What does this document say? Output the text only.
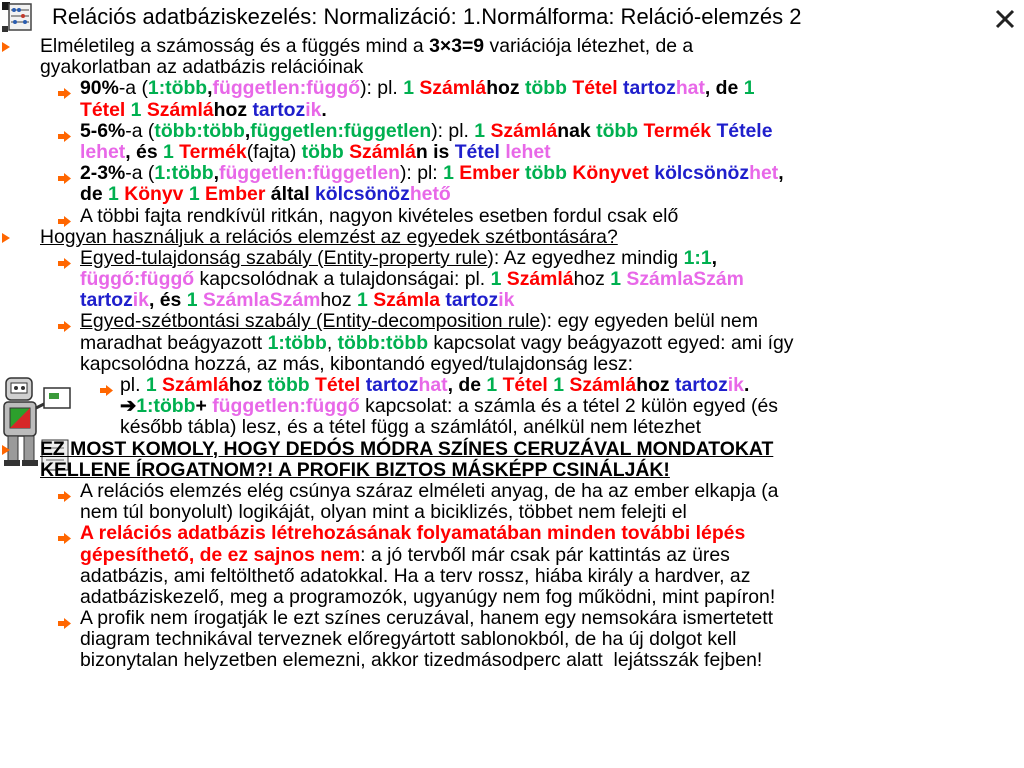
Relációs adatbáziskezelés: Normalizáció: 1.Normálforma: Reláció-elemzés 2
Elméletileg a számosság és a függés mind a 3×3=9 variációja létezhet, de a
gyakorlatban az adatbázis relációinak
90%-a (1:több,független:függő): pl. 1 Számlához több Tétel tartozhat, de 1
Tétel 1 Számlához tartozik.
5-6%-a (több:több,független:független): pl. 1 Számlának több Termék Tétele
lehet, és 1 Termék(fajta) több Számlán is Tétel lehet
2-3%-a (1:több,független:független): pl: 1 Ember több Könyvet kölcsönözhet,
de 1 Könyv 1 Ember által kölcsönözhető
A többi fajta rendkívül ritkán, nagyon kivételes esetben fordul csak elő
Hogyan használjuk a relációs elemzést az egyedek szétbontására?
Egyed-tulajdonság szabály (Entity-property rule): Az egyedhez mindig 1:1,
függő:függő kapcsolódnak a tulajdonságai: pl. 1 Számlához 1 SzámlaSzám
tartozik, és 1 SzámlaSzámhoz 1 Számla tartozik
Egyed-szétbontási szabály (Entity-decomposition rule): egy egyeden belül nem
maradhat beágyazott 1:több, több:több kapcsolat vagy beágyazott egyed: ami így
kapcsolódna hozzá, az más, kibontandó egyed/tulajdonság lesz:
pl. 1 Számlához több Tétel tartozhat, de 1 Tétel 1 Számlához tartozik.
➔1:több+ független:függő kapcsolat: a számla és a tétel 2 külön egyed (és
később tábla) lesz, és a tétel függ a számlától, anélkül nem létezhet
EZ MOST KOMOLY, HOGY DEDÓS MÓDRA SZÍNES CERUZÁVAL MONDATOKAT
KELLENE ÍROGATNOM?! A PROFIK BIZTOS MÁSKÉPP CSINÁLJÁK!
A relációs elemzés elég csúnya száraz elméleti anyag, de ha az ember elkapja (a
nem túl bonyolult) logikáját, olyan mint a biciklizés, többet nem felejti el
A relációs adatbázis létrehozásának folyamatában minden további lépés
gépesíthető, de ez sajnos nem: a jó tervből már csak pár kattintás az üres
adatbázis, ami feltölthető adatokkal. Ha a terv rossz, hiába király a hardver, az
adatbáziskezelő, meg a programozók, ugyanúgy nem fog működni, mint papíron!
A profik nem írogatják le ezt színes ceruzával, hanem egy nemsokára ismertetett
diagram technikával terveznek előregyártott sablonokból, de ha új dolgot kell
bizonytalan helyzetben elemezni, akkor tizedmásodperc alatt  lejátsszák fejben!
